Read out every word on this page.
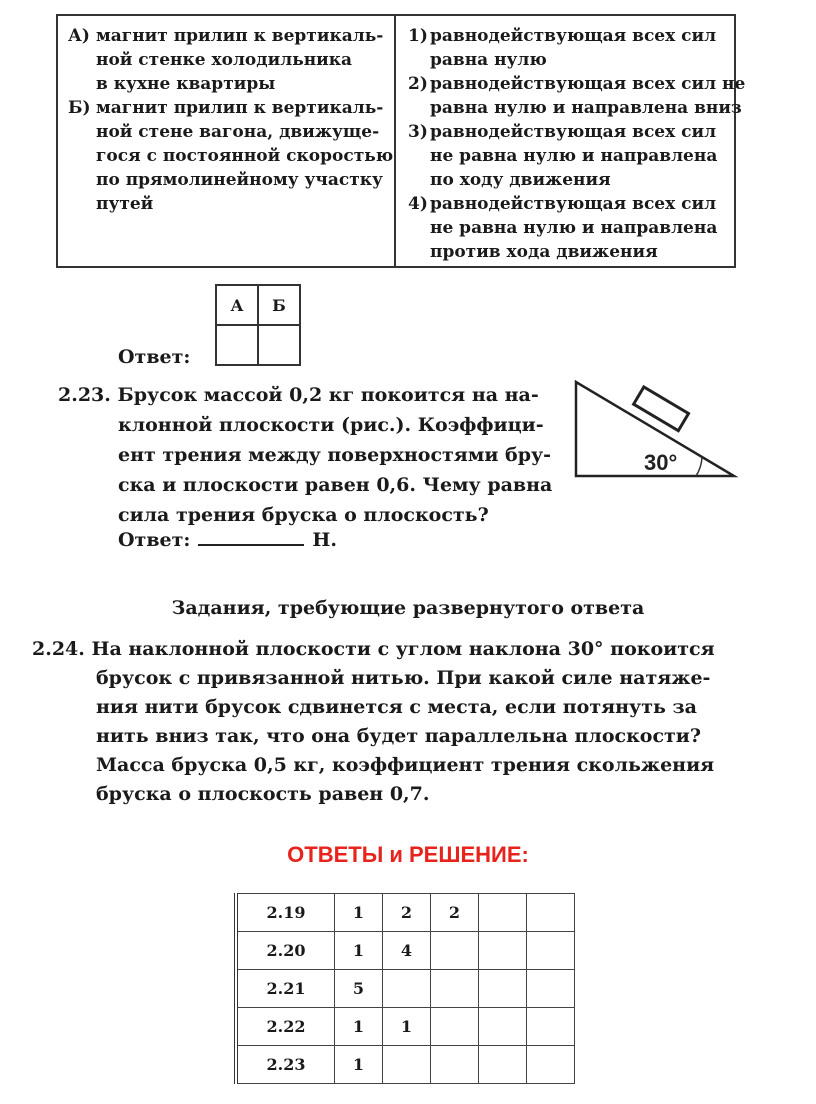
А) магнит прилип к вертикаль-
ной стенке холодильника
в кухне квартиры
Б) магнит прилип к вертикаль-
ной стене вагона, движуще-
гося с постоянной скоростью
по прямолинейному участку
путей
1) равнодействующая всех сил
равна нулю
2) равнодействующая всех сил не
равна нулю и направлена вниз
3) равнодействующая всех сил
не равна нулю и направлена
по ходу движения
4) равнодействующая всех сил
не равна нулю и направлена
против хода движения
Ответ:
А	Б

2.23. Брусок массой 0,2 кг покоится на на-
клонной плоскости (рис.). Коэффици-
ент трения между поверхностями бру-
ска и плоскости равен 0,6. Чему равна
сила трения бруска о плоскость?
30°
Ответ:	Н.
Задания, требующие развернутого ответа
2.24. На наклонной плоскости с углом наклона 30° покоится
брусок с привязанной нитью. При какой силе натяже-
ния нити брусок сдвинется с места, если потянуть за
нить вниз так, что она будет параллельна плоскости?
Масса бруска 0,5 кг, коэффициент трения скольжения
бруска о плоскость равен 0,7.
ОТВЕТЫ и РЕШЕНИЕ:
2.19	1	2	2		
2.20	1	4			
2.21	5				
2.22	1	1			
2.23	1				
